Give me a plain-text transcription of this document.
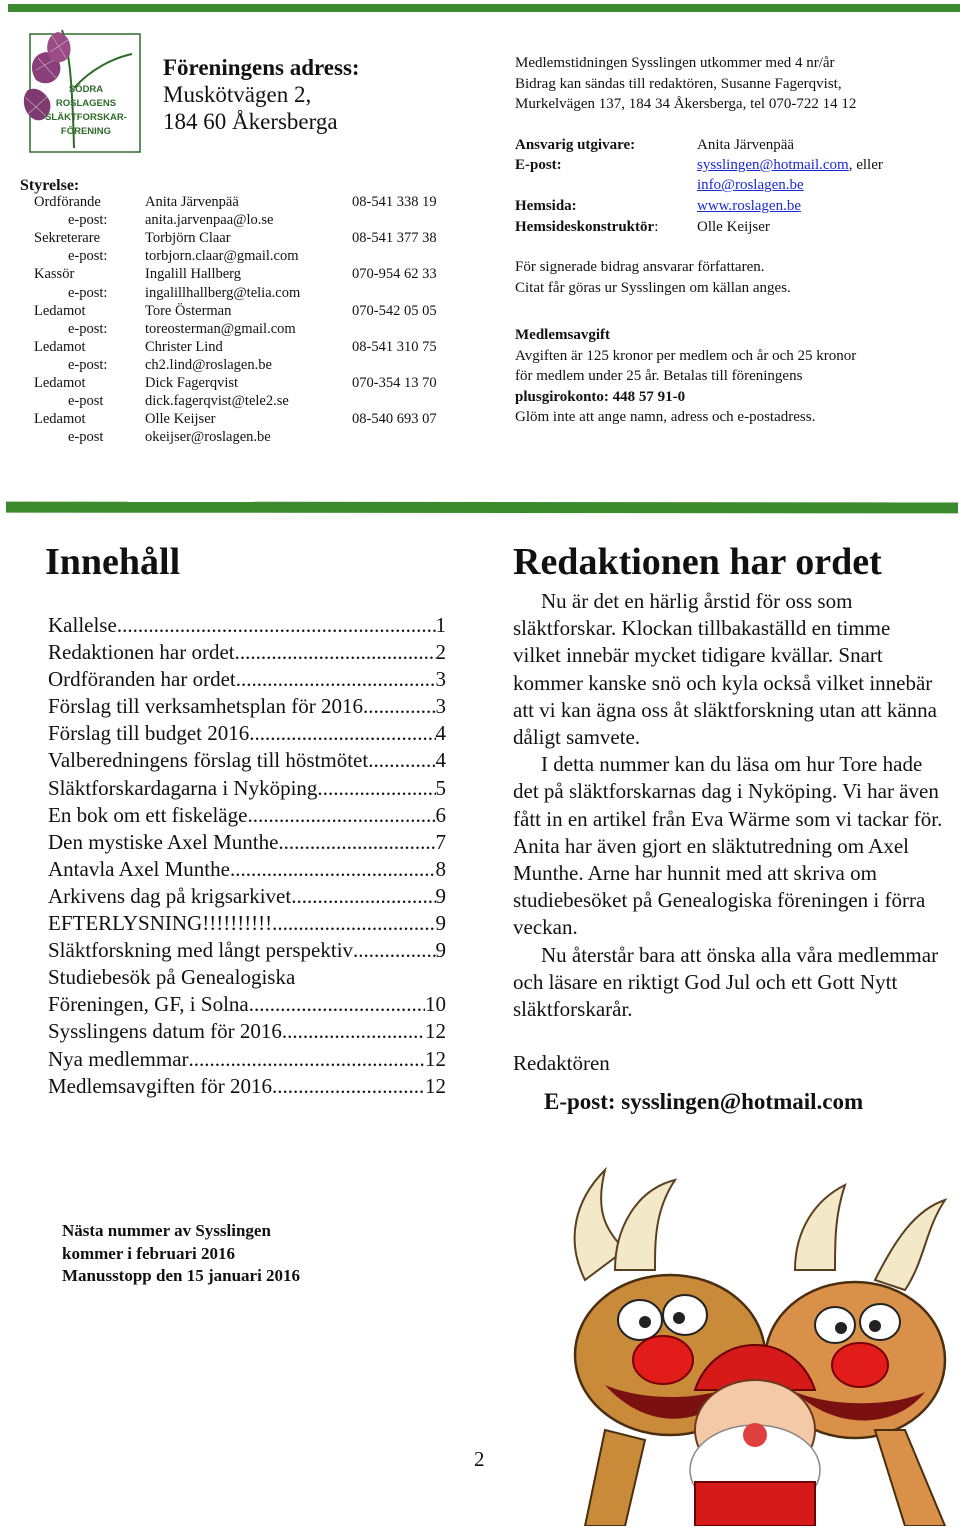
SÖDRA
ROSLAGENS
SLÄKTFORSKAR-
FÖRENING
Föreningens adress:
Muskötvägen 2,
184 60 Åkersberga
Styrelse:
Ordförande	Anita Järvenpää	08-541 338 19
e-post:	anita.jarvenpaa@lo.se
Sekreterare	Torbjörn Claar	08-541 377 38
e-post:	torbjorn.claar@gmail.com
Kassör	Ingalill Hallberg	070-954 62 33
e-post:	ingalillhallberg@telia.com
Ledamot	Tore Österman	070-542 05 05
e-post:	toreosterman@gmail.com
Ledamot	Christer Lind	08-541 310 75
e-post:	ch2.lind@roslagen.be
Ledamot	Dick Fagerqvist	070-354 13 70
e-post	dick.fagerqvist@tele2.se
Ledamot	Olle Keijser	08-540 693 07
e-post	okeijser@roslagen.be
Medlemstidningen Sysslingen utkommer med 4 nr/år
Bidrag kan sändas till redaktören, Susanne Fagerqvist,
Murkelvägen 137, 184 34 Åkersberga, tel 070-722 14 12
Ansvarig utgivare:	Anita Järvenpää
E-post:	sysslingen@hotmail.com, eller
info@roslagen.be
Hemsida:	www.roslagen.be
Hemsideskonstruktör:	Olle Keijser
För signerade bidrag ansvarar författaren.
Citat får göras ur Sysslingen om källan anges.
Medlemsavgift
Avgiften är 125 kronor per medlem och år och 25 kronor
för medlem under 25 år. Betalas till föreningens
plusgirokonto: 448 57 91-0
Glöm inte att ange namn, adress och e-postadress.
Innehåll
Kallelse .....	1
Redaktionen har ordet .....	2
Ordföranden har ordet .....	3
Förslag till verksamhetsplan för 2016 .....	3
Förslag till budget 2016 .....	4
Valberedningens förslag till höstmötet .....	4
Släktforskardagarna i Nyköping. .....	5
En bok om ett fiskeläge .....	6
Den mystiske Axel Munthe .....	7
Antavla Axel Munthe .....	8
Arkivens dag på krigsarkivet .....	9
EFTERLYSNING!!!!!!!!!! .....	9
Släktforskning med långt perspektiv .....	9
Studiebesök på Genealogiska
Föreningen, GF, i Solna .....	10
Sysslingens datum för 2016 .....	12
Nya medlemmar .....	12
Medlemsavgiften för 2016 .....	12
Redaktionen har ordet

Nu är det en härlig årstid för oss som släktforskar. Klockan tillbakaställd en timme vilket innebär mycket tidigare kvällar. Snart kommer kanske snö och kyla också vilket innebär att vi kan ägna oss åt släktforskning utan att känna dåligt samvete.

I detta nummer kan du läsa om hur Tore hade det på släktforskarnas dag i Nyköping. Vi har även fått in en artikel från Eva Wärme som vi tackar för. Anita har även gjort en släktutredning om Axel Munthe. Arne har hunnit med att skriva om studiebesöket på Genealogiska föreningen i förra veckan.

Nu återstår bara att önska alla våra medlemmar och läsare en riktigt God Jul och ett Gott Nytt släktforskarår.

Redaktören

E-post: sysslingen@hotmail.com
Nästa nummer av Sysslingen
kommer i februari 2016
Manusstopp den 15 januari 2016
2
